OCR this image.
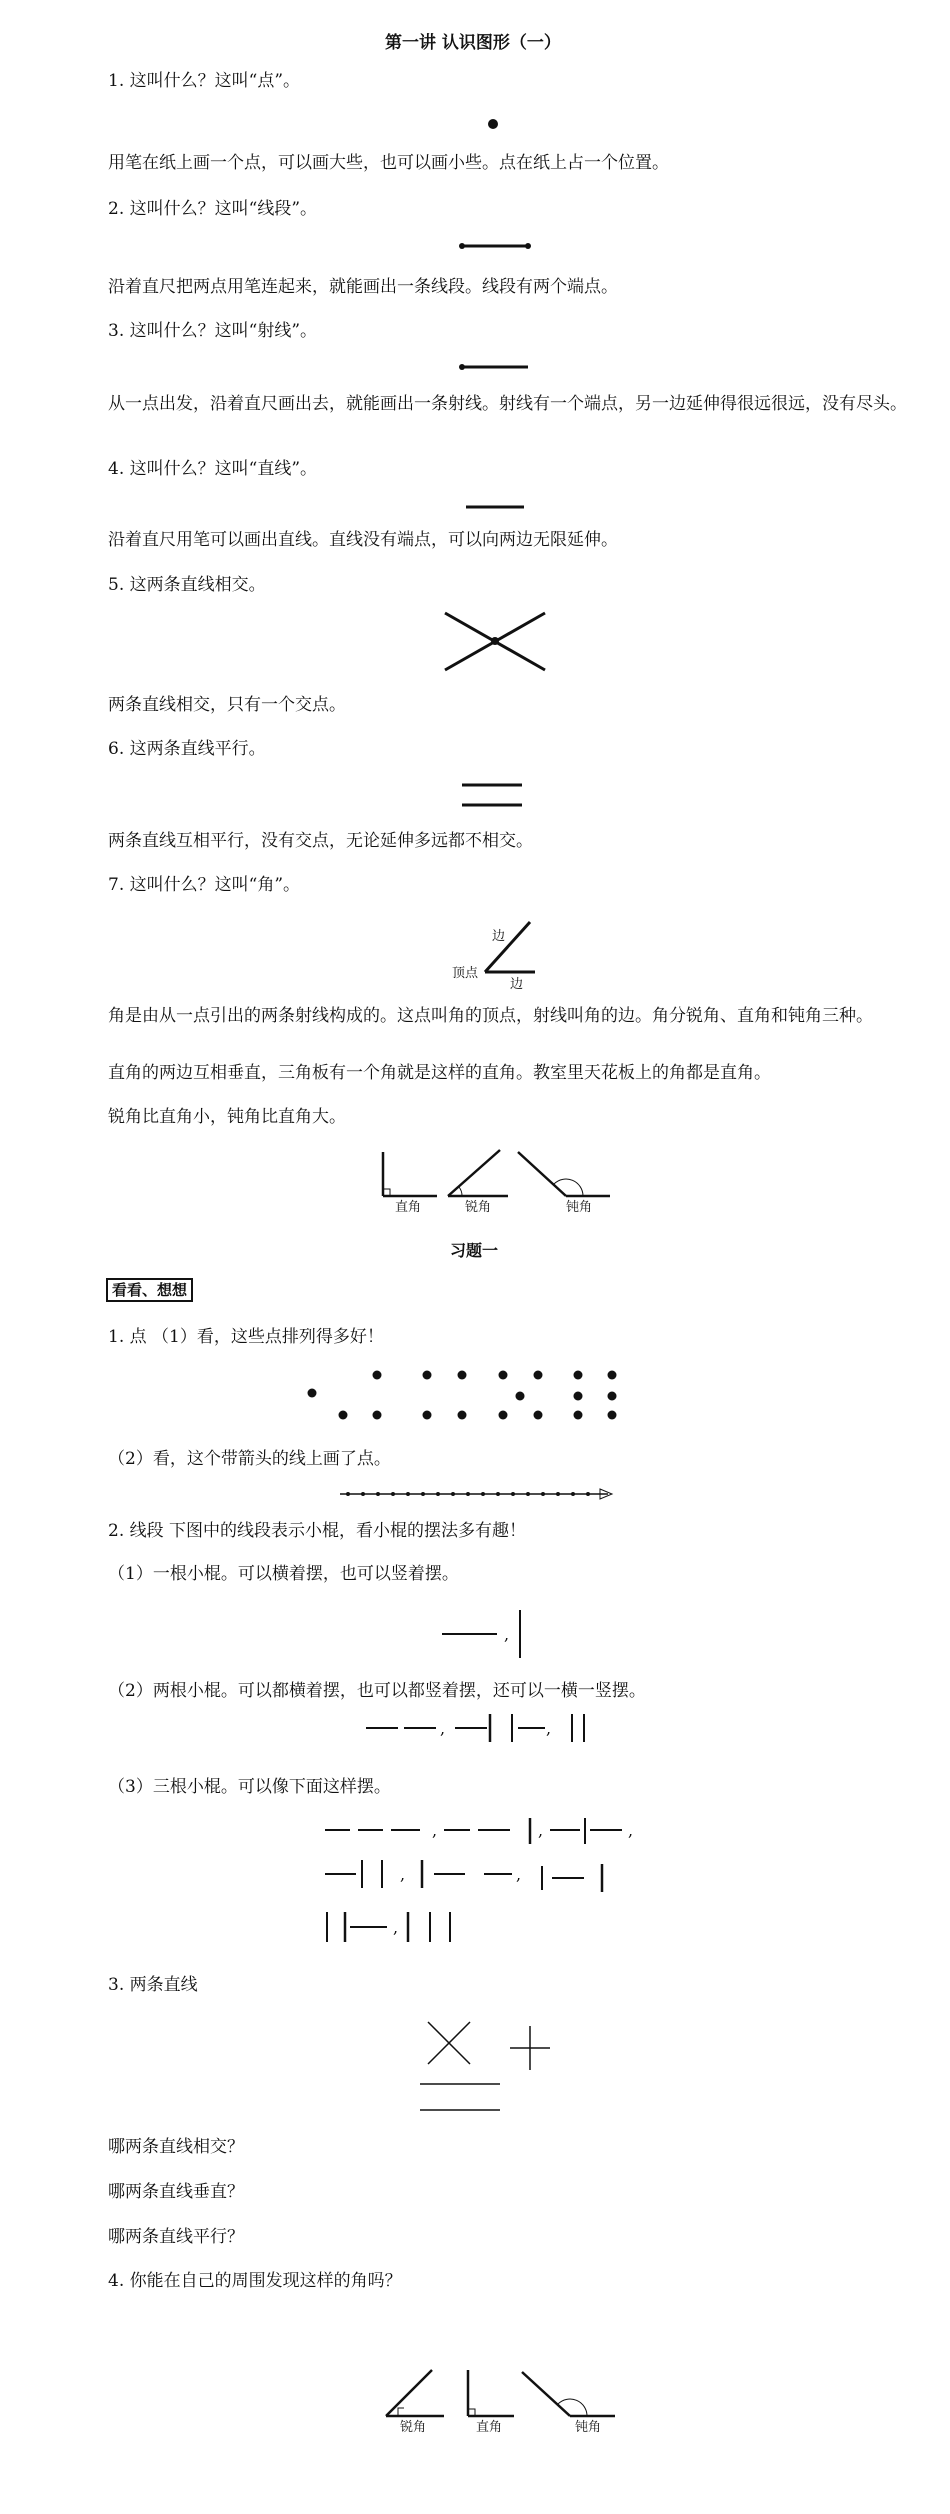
第一讲 认识图形（一）
1. 这叫什么？这叫“点”。
用笔在纸上画一个点，可以画大些，也可以画小些。点在纸上占一个位置。
2. 这叫什么？这叫“线段”。
沿着直尺把两点用笔连起来，就能画出一条线段。线段有两个端点。
3. 这叫什么？这叫“射线”。
从一点出发，沿着直尺画出去，就能画出一条射线。射线有一个端点，另一边延伸得很远很远，没有尽头。
4. 这叫什么？这叫“直线”。
沿着直尺用笔可以画出直线。直线没有端点，可以向两边无限延伸。
5. 这两条直线相交。
两条直线相交，只有一个交点。
6. 这两条直线平行。
两条直线互相平行，没有交点，无论延伸多远都不相交。
7. 这叫什么？这叫“角”。
边
顶点
边
角是由从一点引出的两条射线构成的。这点叫角的顶点，射线叫角的边。角分锐角、直角和钝角三种。
直角的两边互相垂直，三角板有一个角就是这样的直角。教室里天花板上的角都是直角。
锐角比直角小，钝角比直角大。
直角	锐角	钝角
习题一
看看、想想
1. 点 （1）看，这些点排列得多好！
（2）看，这个带箭头的线上画了点。
2. 线段 下图中的线段表示小棍，看小棍的摆法多有趣！
（1）一根小棍。可以横着摆，也可以竖着摆。
,
（2）两根小棍。可以都横着摆，也可以都竖着摆，还可以一横一竖摆。
,	,
（3）三根小棍。可以像下面这样摆。
,	,	,
,	,
,
3. 两条直线
哪两条直线相交？
哪两条直线垂直？
哪两条直线平行？
4. 你能在自己的周围发现这样的角吗？
锐角	直角	钝角
